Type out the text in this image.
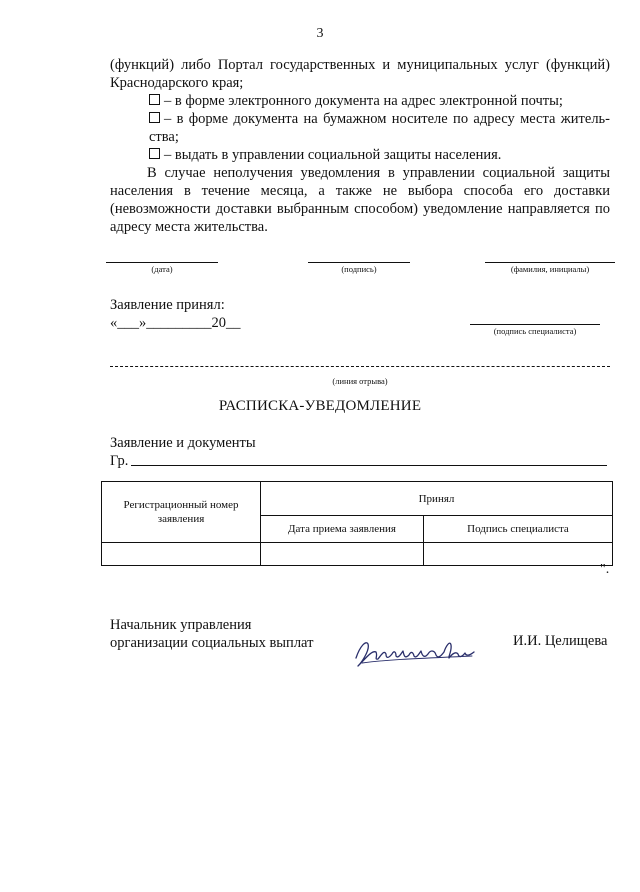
3
(функций) либо Портал государственных и муниципальных услуг (функций)
Краснодарского края;
– в форме электронного документа на адрес электронной почты;
– в форме документа на бумажном носителе по адресу места житель-ства;
– выдать в управлении социальной защиты населения.
В случае неполучения уведомления в управлении социальной защиты населения в течение месяца, а также не выбора способа его доставки (невозможности доставки выбранным способом) уведомление направляется по адресу места жительства.
(дата)	(подпись)	(фамилия, инициалы)
Заявление принял:
«___»_________20__	(подпись специалиста)
(линия отрыва)
РАСПИСКА-УВЕДОМЛЕНИЕ
Заявление и документы
Гр.
Регистрационный номер заявления	Принял	
	Дата приема заявления	Подпись специалиста

".
Начальник управления
организации социальных выплат	И.И. Целищева
